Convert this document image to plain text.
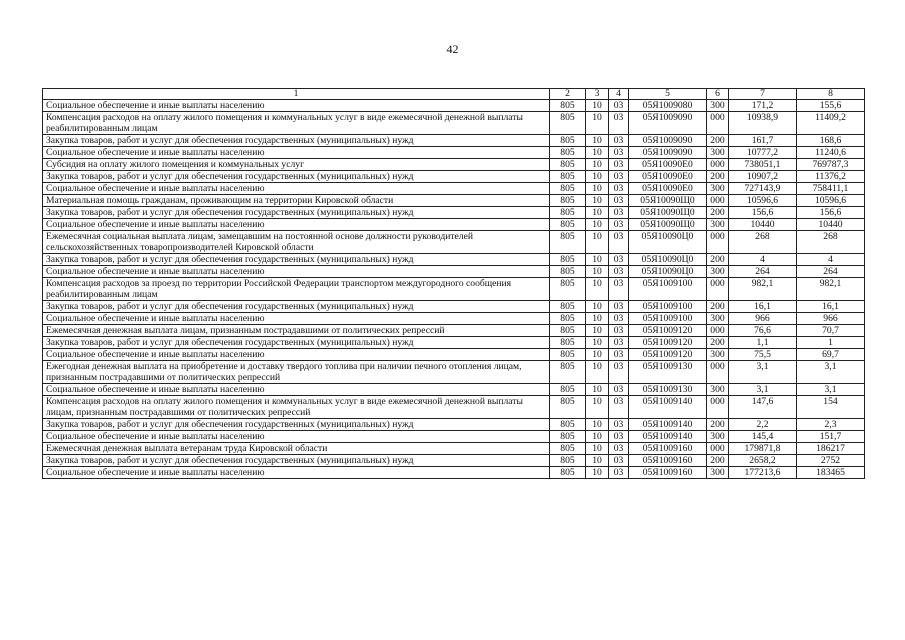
42
1	2	3	4	5	6	7	8
Социальное обеспечение и иные выплаты населению	805	10	03	05Я1009080	300	171,2	155,6
Компенсация расходов на оплату жилого помещения и коммунальных услуг в виде ежемесячной денежной выплаты реабилитированным лицам	805	10	03	05Я1009090	000	10938,9	11409,2
Закупка товаров, работ и услуг для обеспечения государственных (муниципальных) нужд	805	10	03	05Я1009090	200	161,7	168,6
Социальное обеспечение и иные выплаты населению	805	10	03	05Я1009090	300	10777,2	11240,6
Субсидия на оплату жилого помещения и коммунальных услуг	805	10	03	05Я10090Е0	000	738051,1	769787,3
Закупка товаров, работ и услуг для обеспечения государственных (муниципальных) нужд	805	10	03	05Я10090Е0	200	10907,2	11376,2
Социальное обеспечение и иные выплаты населению	805	10	03	05Я10090Е0	300	727143,9	758411,1
Материальная помощь гражданам, проживающим на территории Кировской области	805	10	03	05Я10090Щ0	000	10596,6	10596,6
Закупка товаров, работ и услуг для обеспечения государственных (муниципальных) нужд	805	10	03	05Я10090Щ0	200	156,6	156,6
Социальное обеспечение и иные выплаты населению	805	10	03	05Я10090Щ0	300	10440	10440
Ежемесячная социальная выплата лицам, замещавшим на постоянной основе должности руководителей сельскохозяйственных товаропроизводителей Кировской области	805	10	03	05Я10090Ц0	000	268	268
Закупка товаров, работ и услуг для обеспечения государственных (муниципальных) нужд	805	10	03	05Я10090Ц0	200	4	4
Социальное обеспечение и иные выплаты населению	805	10	03	05Я10090Ц0	300	264	264
Компенсация расходов за проезд по территории Российской Федерации транспортом междугородного сообщения реабилитированным лицам	805	10	03	05Я1009100	000	982,1	982,1
Закупка товаров, работ и услуг для обеспечения государственных (муниципальных) нужд	805	10	03	05Я1009100	200	16,1	16,1
Социальное обеспечение и иные выплаты населению	805	10	03	05Я1009100	300	966	966
Ежемесячная денежная выплата лицам, признанным пострадавшими от политических репрессий	805	10	03	05Я1009120	000	76,6	70,7
Закупка товаров, работ и услуг для обеспечения государственных (муниципальных) нужд	805	10	03	05Я1009120	200	1,1	1
Социальное обеспечение и иные выплаты населению	805	10	03	05Я1009120	300	75,5	69,7
Ежегодная денежная выплата на приобретение и доставку твердого топлива при наличии печного отопления лицам, признанным пострадавшими от политических репрессий	805	10	03	05Я1009130	000	3,1	3,1
Социальное обеспечение и иные выплаты населению	805	10	03	05Я1009130	300	3,1	3,1
Компенсация расходов на оплату жилого помещения и коммунальных услуг в виде ежемесячной денежной выплаты лицам, признанным пострадавшими от политических репрессий	805	10	03	05Я1009140	000	147,6	154
Закупка товаров, работ и услуг для обеспечения государственных (муниципальных) нужд	805	10	03	05Я1009140	200	2,2	2,3
Социальное обеспечение и иные выплаты населению	805	10	03	05Я1009140	300	145,4	151,7
Ежемесячная денежная выплата ветеранам труда Кировской области	805	10	03	05Я1009160	000	179871,8	186217
Закупка товаров, работ и услуг для обеспечения государственных (муниципальных) нужд	805	10	03	05Я1009160	200	2658,2	2752
Социальное обеспечение и иные выплаты населению	805	10	03	05Я1009160	300	177213,6	183465
